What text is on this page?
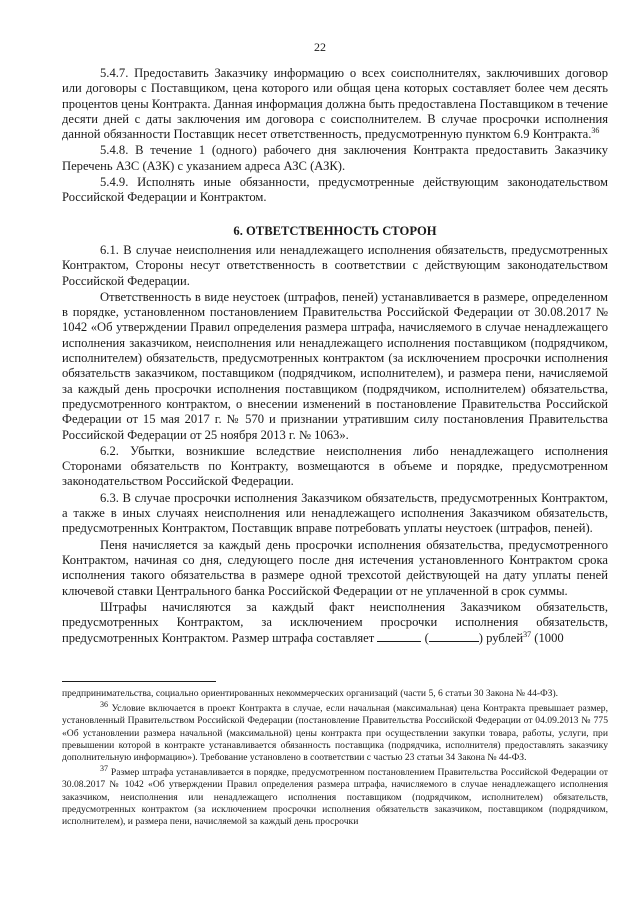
22

5.4.7. Предоставить Заказчику информацию о всех соисполнителях, заключивших договор или договоры с Поставщиком, цена которого или общая цена которых составляет более чем десять процентов цены Контракта. Данная информация должна быть предоставлена Поставщиком в течение десяти дней с даты заключения им договора с соисполнителем. В случае просрочки исполнения данной обязанности Поставщик несет ответственность, предусмотренную пунктом 6.9 Контракта.$^{36}$

5.4.8. В течение 1 (одного) рабочего дня заключения Контракта предоставить Заказчику Перечень АЗС (АЗК) с указанием адреса АЗС (АЗК).

5.4.9. Исполнять иные обязанности, предусмотренные действующим законодательством Российской Федерации и Контрактом.

6. ОТВЕТСТВЕННОСТЬ СТОРОН

6.1. В случае неисполнения или ненадлежащего исполнения обязательств, предусмотренных Контрактом, Стороны несут ответственность в соответствии с действующим законодательством Российской Федерации.

Ответственность в виде неустоек (штрафов, пеней) устанавливается в размере, определенном в порядке, установленном постановлением Правительства Российской Федерации от 30.08.2017 № 1042 «Об утверждении Правил определения размера штрафа, начисляемого в случае ненадлежащего исполнения заказчиком, неисполнения или ненадлежащего исполнения поставщиком (подрядчиком, исполнителем) обязательств, предусмотренных контрактом (за исключением просрочки исполнения обязательств заказчиком, поставщиком (подрядчиком, исполнителем), и размера пени, начисляемой за каждый день просрочки исполнения поставщиком (подрядчиком, исполнителем) обязательства, предусмотренного контрактом, о внесении изменений в постановление Правительства Российской Федерации от 15 мая 2017 г. № 570 и признании утратившим силу постановления Правительства Российской Федерации от 25 ноября 2013 г. № 1063».

6.2. Убытки, возникшие вследствие неисполнения либо ненадлежащего исполнения Сторонами обязательств по Контракту, возмещаются в объеме и порядке, предусмотренном законодательством Российской Федерации.

6.3. В случае просрочки исполнения Заказчиком обязательств, предусмотренных Контрактом, а также в иных случаях неисполнения или ненадлежащего исполнения Заказчиком обязательств, предусмотренных Контрактом, Поставщик вправе потребовать уплаты неустоек (штрафов, пеней).

Пеня начисляется за каждый день просрочки исполнения обязательства, предусмотренного Контрактом, начиная со дня, следующего после дня истечения установленного Контрактом срока исполнения такого обязательства в размере одной трехсотой действующей на дату уплаты пеней ключевой ставки Центрального банка Российской Федерации от не уплаченной в срок суммы.

Штрафы начисляются за каждый факт неисполнения Заказчиком обязательств, предусмотренных Контрактом, за исключением просрочки исполнения обязательств, предусмотренных Контрактом. Размер штрафа составляет	(	) рублей$^{37}$ (1000

предпринимательства, социально ориентированных некоммерческих организаций (части 5, 6 статьи 30 Закона № 44-ФЗ).

$^{36}$ Условие включается в проект Контракта в случае, если начальная (максимальная) цена Контракта превышает размер, установленный Правительством Российской Федерации (постановление Правительства Российской Федерации от 04.09.2013 № 775 «Об установлении размера начальной (максимальной) цены контракта при осуществлении закупки товара, работы, услуги, при превышении которой в контракте устанавливается обязанность поставщика (подрядчика, исполнителя) предоставлять заказчику дополнительную информацию»). Требование установлено в соответствии с частью 23 статьи 34 Закона № 44-ФЗ.

$^{37}$ Размер штрафа устанавливается в порядке, предусмотренном постановлением Правительства Российской Федерации от 30.08.2017 № 1042 «Об утверждении Правил определения размера штрафа, начисляемого в случае ненадлежащего исполнения заказчиком, неисполнения или ненадлежащего исполнения поставщиком (подрядчиком, исполнителем) обязательств, предусмотренных контрактом (за исключением просрочки исполнения обязательств заказчиком, поставщиком (подрядчиком, исполнителем), и размера пени, начисляемой за каждый день просрочки
